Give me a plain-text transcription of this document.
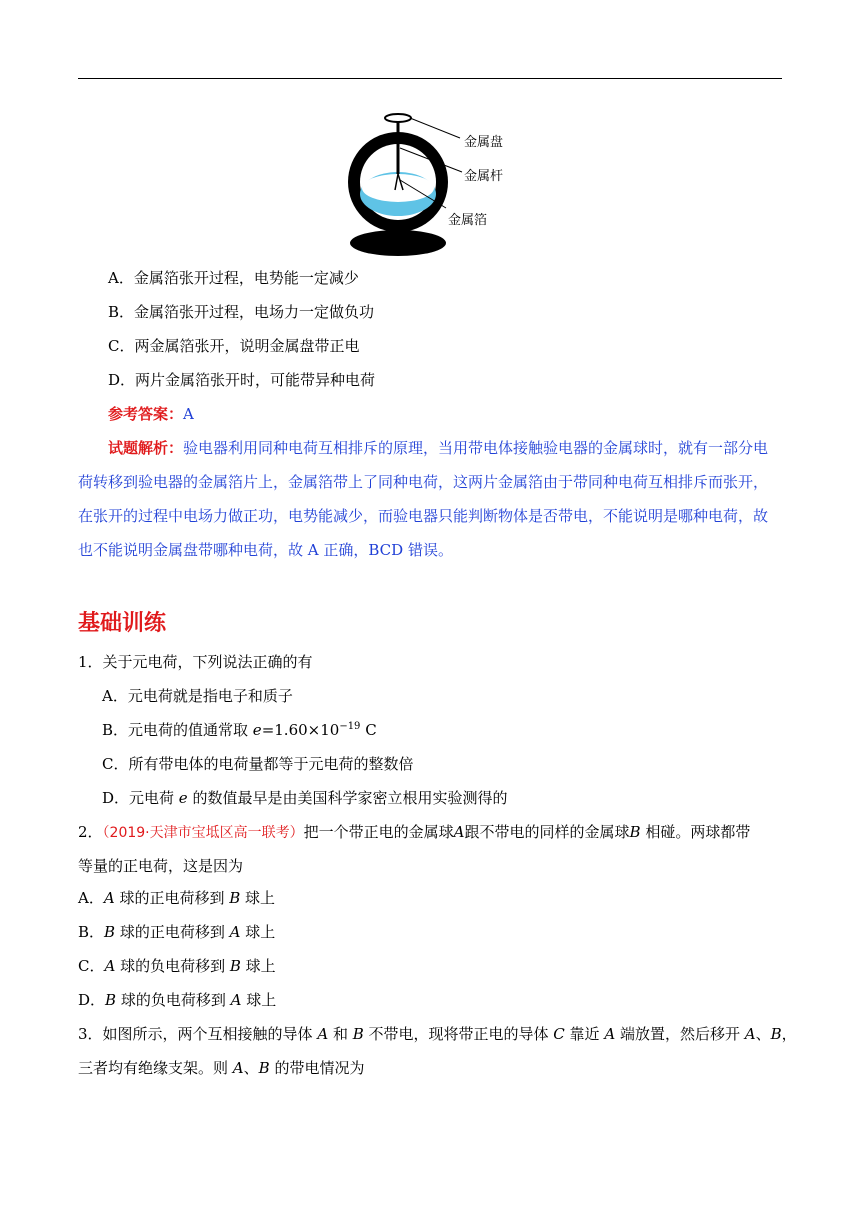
金属盘
金属杆
金属箔
A．金属箔张开过程，电势能一定减少
B．金属箔张开过程，电场力一定做负功
C．两金属箔张开，说明金属盘带正电
D．两片金属箔张开时，可能带异种电荷
参考答案：A
试题解析：验电器利用同种电荷互相排斥的原理，当用带电体接触验电器的金属球时，就有一部分电
荷转移到验电器的金属箔片上，金属箔带上了同种电荷，这两片金属箔由于带同种电荷互相排斥而张开，
在张开的过程中电场力做正功，电势能减少，而验电器只能判断物体是否带电，不能说明是哪种电荷，故
也不能说明金属盘带哪种电荷，故 A 正确，BCD 错误。
基础训练
1．关于元电荷，下列说法正确的有
A．元电荷就是指电子和质子
B．元电荷的值通常取 $e=1.60\times 10^{-19}$ C
C．所有带电体的电荷量都等于元电荷的整数倍
D．元电荷 e 的数值最早是由美国科学家密立根用实验测得的
2．（2019·天津市宝坻区高一联考）把一个带正电的金属球A跟不带电的同样的金属球B 相碰。两球都带
等量的正电荷，这是因为
A．A 球的正电荷移到 B 球上
B．B 球的正电荷移到 A 球上
C．A 球的负电荷移到 B 球上
D．B 球的负电荷移到 A 球上
3．如图所示，两个互相接触的导体 A 和 B 不带电，现将带正电的导体 C 靠近 A 端放置，然后移开 A、B，
三者均有绝缘支架。则 A、B 的带电情况为
